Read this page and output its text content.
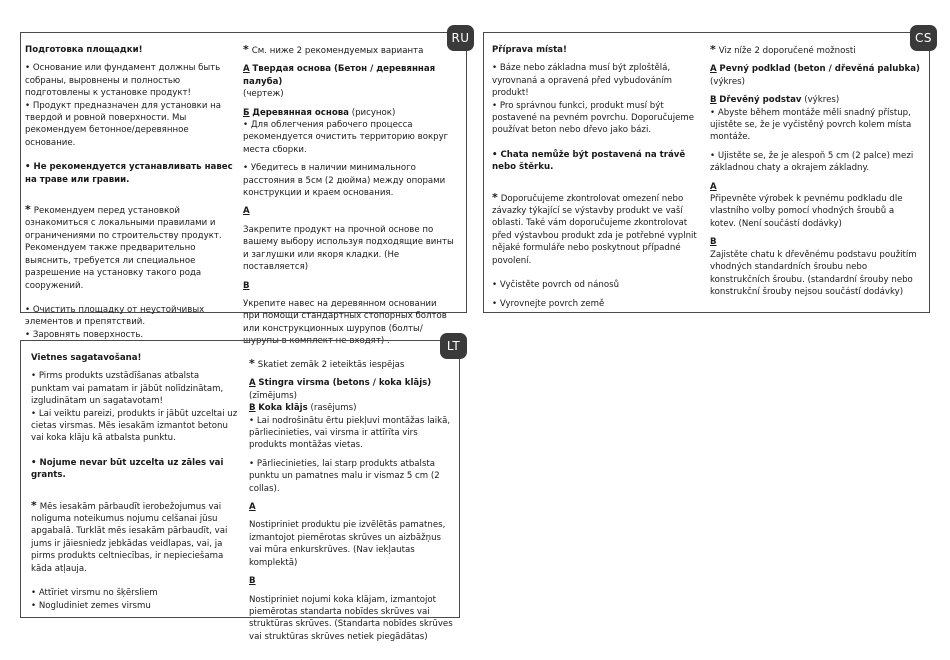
RU

Подготовка площадки!

• Основание или фундамент должны быть собраны, выровнены и полностью подготовлены к установке продукт!

• Продукт предназначен для установки на твердой и ровной поверхности. Мы рекомендуем бетонное/деревянное основание.

• Не рекомендуется устанавливать навес на траве или гравии.

* Рекомендуем перед установкой ознакомиться с локальными правилами и ограничениями по строительству продукт. Рекомендуем также предварительно выяснить, требуется ли специальное разрешение на установку такого рода сооружений.

• Очистить площадку от неустойчивых элементов и препятствий.

• Заровнять поверхность.

* См. ниже 2 рекомендуемых варианта

A Твердая основа (Бетон / деревянная палуба)

(чертеж)

Б Деревянная основа (рисунок)

• Для облегчения рабочего процесса рекомендуется очистить территорию вокруг места сборки.

• Убедитесь в наличии минимального расстояния в 5см (2 дюйма) между опорами конструкции и краем основания.

A

Закрепите продукт на прочной основе по вашему выбору используя подходящие винты и заглушки или якоря кладки. (Не поставляется)

B

Укрепите навес на деревянном основании при помощи стандартных стопорных болтов или конструкционных шурупов (болты/шурупы в комплект не входят) .

CS

Příprava místa!

• Báze nebo základna musí být zploštělá, vyrovnaná a opravená před vybudováním produkt!

• Pro správnou funkci, produkt musí být postavené na pevném povrchu. Doporučujeme používat beton nebo dřevo jako bázi.

• Chata nemůže být postavená na trávě nebo štěrku.

* Doporučujeme zkontrolovat omezení nebo závazky týkající se výstavby produkt ve vaší oblasti. Také vám doporučujeme zkontrolovat před výstavbou produkt zda je potřebné vyplnit nějaké formuláře nebo poskytnout případné povolení.

• Vyčistěte povrch od nánosů

• Vyrovnejte povrch země

* Viz níže 2 doporučené možnosti

A Pevný podklad (beton / dřevěná palubka)

(výkres)

B Dřevěný podstav (výkres)

• Abyste během montáže měli snadný přístup, ujistěte se, že je vyčistěný povrch kolem místa montáže.

• Ujistěte se, že je alespoň 5 cm (2 palce) mezi základnou chaty a okrajem základny.

A

Připevněte výrobek k pevnému podkladu dle vlastního volby pomocí vhodných šroubů a kotev. (Není součástí dodávky)

B

Zajistěte chatu k dřevěnému podstavu použitím vhodných standardních šroubu nebo konstrukčních šroubu. (standardní šrouby nebo konstrukční šrouby nejsou součástí dodávky)

LT

Vietnes sagatavošana!

• Pirms produkts uzstādīšanas atbalsta punktam vai pamatam ir jābūt nolīdzinātam, izgludinātam un sagatavotam!

• Lai veiktu pareizi, produkts ir jābūt uzceltai uz cietas virsmas. Mēs iesakām izmantot betonu vai koka klāju kā atbalsta punktu.

• Nojume nevar būt uzcelta uz zāles vai grants.

* Mēs iesakām pārbaudīt ierobežojumus vai noliguma noteikumus nojumu celšanai jūsu apgabalā. Turklāt mēs iesakām pārbaudīt, vai jums ir jāiesniedz jebkādas veidlapas, vai, ja pirms produkts celtniecības, ir nepieciešama kāda atļauja.

• Attīriet virsmu no šķērsliem

• Nogludiniet zemes virsmu

* Skatiet zemāk 2 ieteiktās iespējas

A Stingra virsma (betons / koka klājs) (zīmējums)

B Koka klājs (rasējums)

• Lai nodrošinātu ērtu piekļuvi montāžas laikā, pārliecinieties, vai virsma ir attīrīta virs produkts montāžas vietas.

• Pārliecinieties, lai starp produkts atbalsta punktu un pamatnes malu ir vismaz 5 cm (2 collas).

A

Nostipriniet produktu pie izvēlētās pamatnes, izmantojot piemērotas skrūves un aizbāžņus vai mūra enkurskrūves. (Nav iekļautas komplektā)

B

Nostipriniet nojumi koka klājam, izmantojot piemērotas standarta nobīdes skrūves vai struktūras skrūves. (Standarta nobīdes skrūves vai struktūras skrūves netiek piegādātas)
